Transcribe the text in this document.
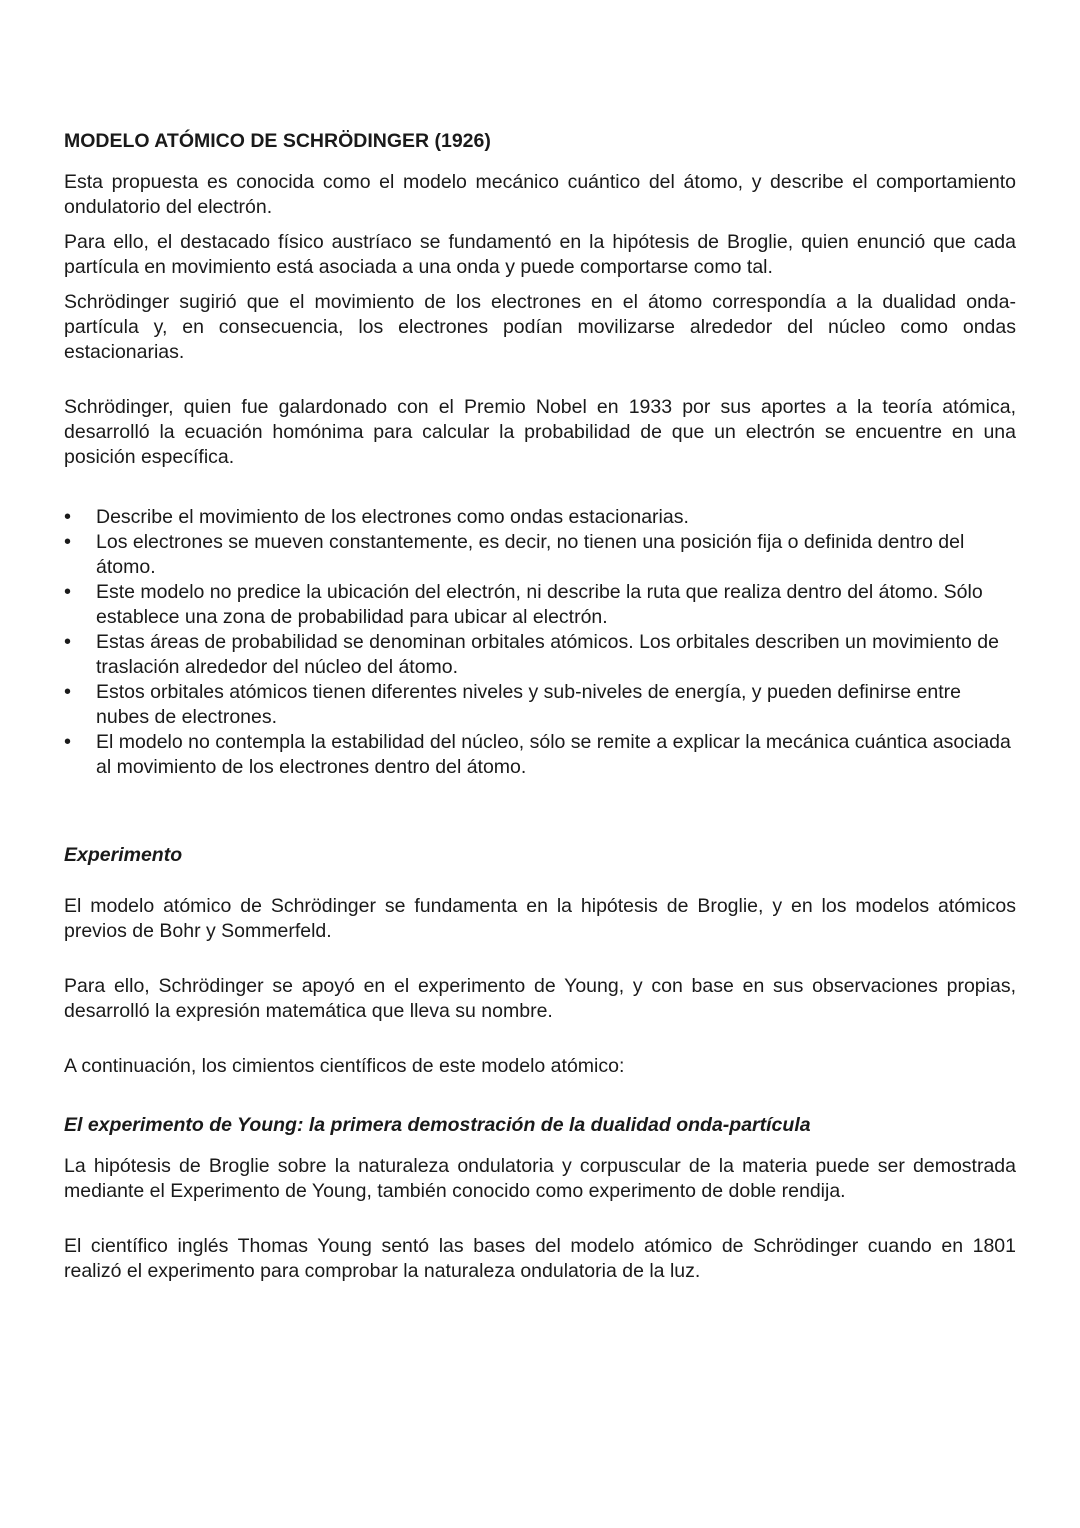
MODELO ATÓMICO DE SCHRÖDINGER (1926)

Esta propuesta es conocida como el modelo mecánico cuántico del átomo, y describe el comportamiento ondulatorio del electrón.

Para ello, el destacado físico austríaco se fundamentó en la hipótesis de Broglie, quien enunció que cada partícula en movimiento está asociada a una onda y puede comportarse como tal.

Schrödinger sugirió que el movimiento de los electrones en el átomo correspondía a la dualidad onda-partícula y, en consecuencia, los electrones podían movilizarse alrededor del núcleo como ondas estacionarias.

Schrödinger, quien fue galardonado con el Premio Nobel en 1933 por sus aportes a la teoría atómica, desarrolló la ecuación homónima para calcular la probabilidad de que un electrón se encuentre en una posición específica.

• Describe el movimiento de los electrones como ondas estacionarias.
• Los electrones se mueven constantemente, es decir, no tienen una posición fija o definida dentro del átomo.
• Este modelo no predice la ubicación del electrón, ni describe la ruta que realiza dentro del átomo. Sólo establece una zona de probabilidad para ubicar al electrón.
• Estas áreas de probabilidad se denominan orbitales atómicos. Los orbitales describen un movimiento de traslación alrededor del núcleo del átomo.
• Estos orbitales atómicos tienen diferentes niveles y sub-niveles de energía, y pueden definirse entre nubes de electrones.
• El modelo no contempla la estabilidad del núcleo, sólo se remite a explicar la mecánica cuántica asociada al movimiento de los electrones dentro del átomo.
Experimento

El modelo atómico de Schrödinger se fundamenta en la hipótesis de Broglie, y en los modelos atómicos previos de Bohr y Sommerfeld.

Para ello, Schrödinger se apoyó en el experimento de Young, y con base en sus observaciones propias, desarrolló la expresión matemática que lleva su nombre.

A continuación, los cimientos científicos de este modelo atómico:

El experimento de Young: la primera demostración de la dualidad onda-partícula

La hipótesis de Broglie sobre la naturaleza ondulatoria y corpuscular de la materia puede ser demostrada mediante el Experimento de Young, también conocido como experimento de doble rendija.

El científico inglés Thomas Young sentó las bases del modelo atómico de Schrödinger cuando en 1801 realizó el experimento para comprobar la naturaleza ondulatoria de la luz.
